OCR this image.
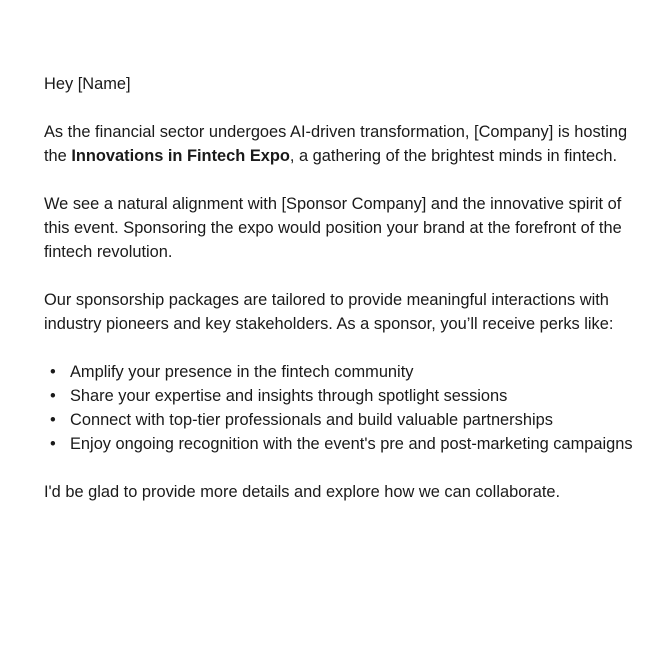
Hey [Name]

As the financial sector undergoes AI-driven transformation, [Company] is hosting the Innovations in Fintech Expo, a gathering of the brightest minds in fintech.

We see a natural alignment with [Sponsor Company] and the innovative spirit of this event. Sponsoring the expo would position your brand at the forefront of the fintech revolution.

Our sponsorship packages are tailored to provide meaningful interactions with industry pioneers and key stakeholders. As a sponsor, you’ll receive perks like:

• Amplify your presence in the fintech community
• Share your expertise and insights through spotlight sessions
• Connect with top-tier professionals and build valuable partnerships
• Enjoy ongoing recognition with the event's pre and post-marketing campaigns

I'd be glad to provide more details and explore how we can collaborate.
